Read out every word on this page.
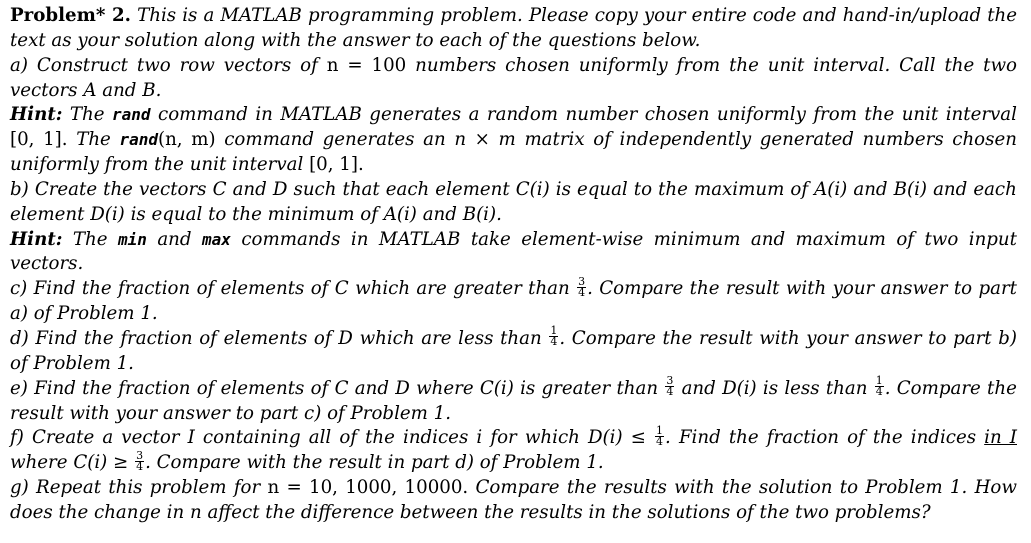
Problem* 2. This is a MATLAB programming problem. Please copy your entire code and hand-in/upload the text as your solution along with the answer to each of the questions below.

a) Construct two row vectors of n = 100 numbers chosen uniformly from the unit interval. Call the two vectors A and B.

Hint: The rand command in MATLAB generates a random number chosen uniformly from the unit interval [0, 1]. The rand(n, m) command generates an n × m matrix of independently generated numbers chosen uniformly from the unit interval [0, 1].

b) Create the vectors C and D such that each element C(i) is equal to the maximum of A(i) and B(i) and each element D(i) is equal to the minimum of A(i) and B(i).

Hint: The min and max commands in MATLAB take element-wise minimum and maximum of two input vectors.

c) Find the fraction of elements of C which are greater than $\frac{3}{4}$ . Compare the result with your answer to part a) of Problem 1.

d) Find the fraction of elements of D which are less than $\frac{1}{4}$ . Compare the result with your answer to part b) of Problem 1.

e) Find the fraction of elements of C and D where C(i) is greater than $\frac{3}{4}$ and D(i) is less than $\frac{1}{4}$ . Compare the result with your answer to part c) of Problem 1.

f) Create a vector I containing all of the indices i for which $D(i) \le \frac{1}{4}$ . Find the fraction of the indices in I where $C(i) \ge \frac{3}{4}$ . Compare with the result in part d) of Problem 1.

g) Repeat this problem for n = 10, 1000, 10000. Compare the results with the solution to Problem 1. How does the change in n affect the difference between the results in the solutions of the two problems?
